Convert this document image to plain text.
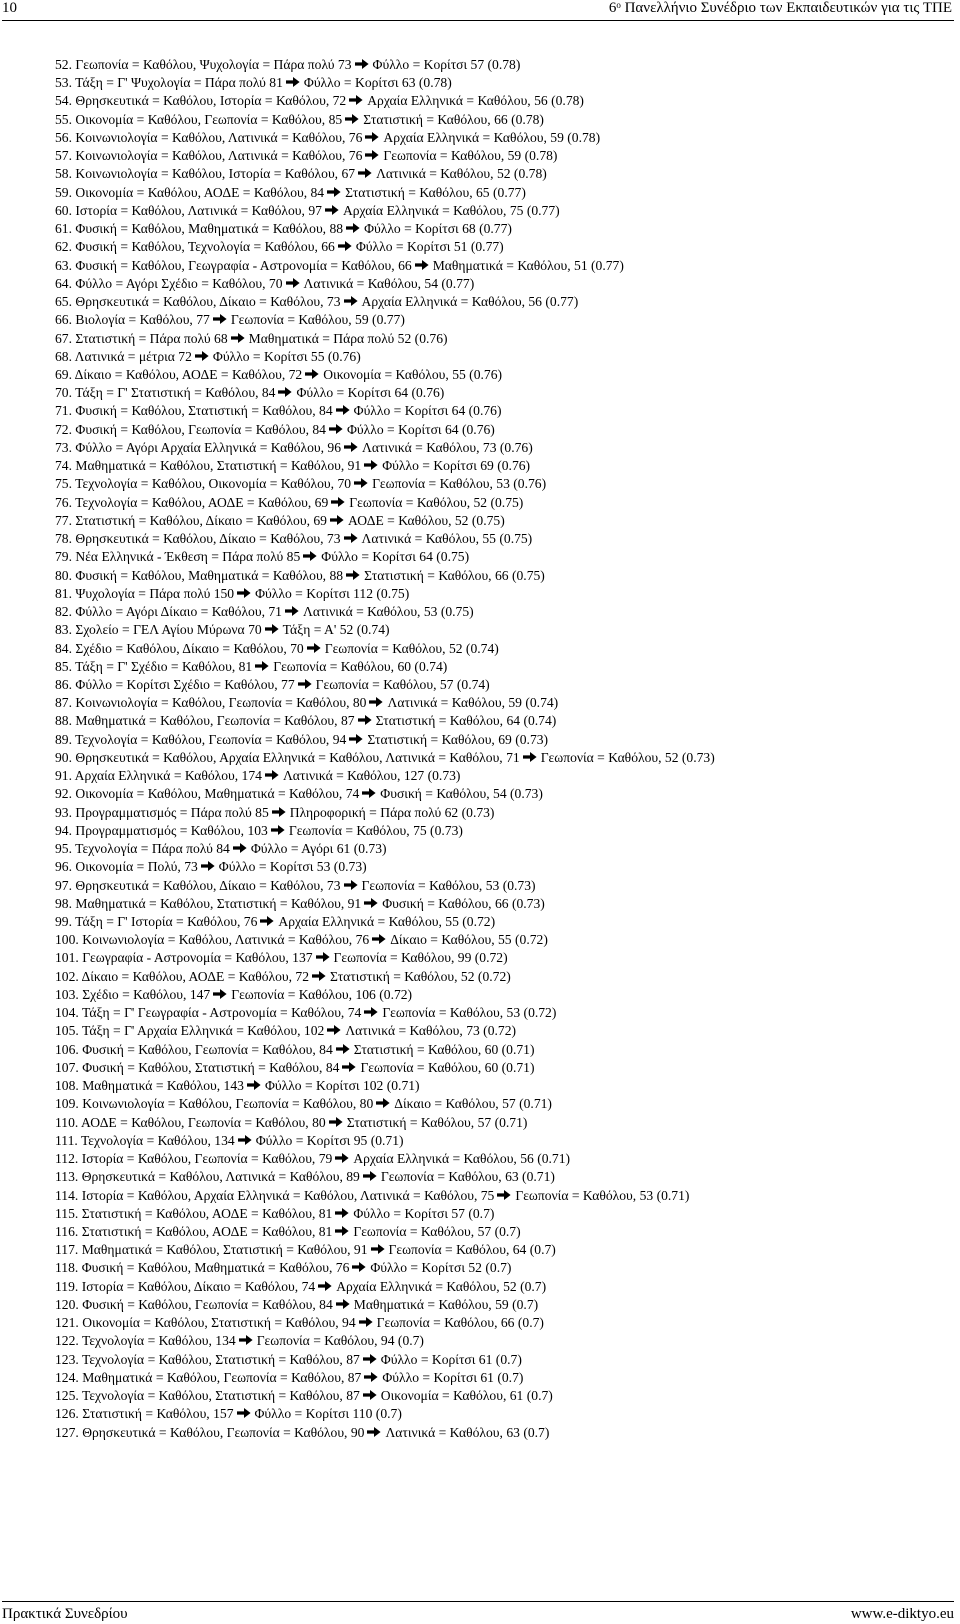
10	$6^o$ Πανελλήνιο Συνέδριο των Εκπαιδευτικών για τις ΤΠΕ
52. Γεωπονία = Καθόλου, Ψυχολογία = Πάρα πολύ 73 Φύλλο = Κορίτσι 57 (0.78)
53. Τάξη = Γ' Ψυχολογία = Πάρα πολύ 81 Φύλλο = Κορίτσι 63 (0.78)
54. Θρησκευτικά = Καθόλου, Ιστορία = Καθόλου, 72 Αρχαία Ελληνικά = Καθόλου, 56 (0.78)
55. Οικονομία = Καθόλου, Γεωπονία = Καθόλου, 85 Στατιστική = Καθόλου, 66 (0.78)
56. Κοινωνιολογία = Καθόλου, Λατινικά = Καθόλου, 76 Αρχαία Ελληνικά = Καθόλου, 59 (0.78)
57. Κοινωνιολογία = Καθόλου, Λατινικά = Καθόλου, 76 Γεωπονία = Καθόλου, 59 (0.78)
58. Κοινωνιολογία = Καθόλου, Ιστορία = Καθόλου, 67 Λατινικά = Καθόλου, 52 (0.78)
59. Οικονομία = Καθόλου, ΑΟΔΕ = Καθόλου, 84 Στατιστική = Καθόλου, 65 (0.77)
60. Ιστορία = Καθόλου, Λατινικά = Καθόλου, 97 Αρχαία Ελληνικά = Καθόλου, 75 (0.77)
61. Φυσική = Καθόλου, Μαθηματικά = Καθόλου, 88 Φύλλο = Κορίτσι 68 (0.77)
62. Φυσική = Καθόλου, Τεχνολογία = Καθόλου, 66 Φύλλο = Κορίτσι 51 (0.77)
63. Φυσική = Καθόλου, Γεωγραφία - Αστρονομία = Καθόλου, 66 Μαθηματικά = Καθόλου, 51 (0.77)
64. Φύλλο = Αγόρι Σχέδιο = Καθόλου, 70 Λατινικά = Καθόλου, 54 (0.77)
65. Θρησκευτικά = Καθόλου, Δίκαιο = Καθόλου, 73 Αρχαία Ελληνικά = Καθόλου, 56 (0.77)
66. Βιολογία = Καθόλου, 77 Γεωπονία = Καθόλου, 59 (0.77)
67. Στατιστική = Πάρα πολύ 68 Μαθηματικά = Πάρα πολύ 52 (0.76)
68. Λατινικά = μέτρια 72 Φύλλο = Κορίτσι 55 (0.76)
69. Δίκαιο = Καθόλου, ΑΟΔΕ = Καθόλου, 72 Οικονομία = Καθόλου, 55 (0.76)
70. Τάξη = Γ' Στατιστική = Καθόλου, 84 Φύλλο = Κορίτσι 64 (0.76)
71. Φυσική = Καθόλου, Στατιστική = Καθόλου, 84 Φύλλο = Κορίτσι 64 (0.76)
72. Φυσική = Καθόλου, Γεωπονία = Καθόλου, 84 Φύλλο = Κορίτσι 64 (0.76)
73. Φύλλο = Αγόρι Αρχαία Ελληνικά = Καθόλου, 96 Λατινικά = Καθόλου, 73 (0.76)
74. Μαθηματικά = Καθόλου, Στατιστική = Καθόλου, 91 Φύλλο = Κορίτσι 69 (0.76)
75. Τεχνολογία = Καθόλου, Οικονομία = Καθόλου, 70 Γεωπονία = Καθόλου, 53 (0.76)
76. Τεχνολογία = Καθόλου, ΑΟΔΕ = Καθόλου, 69 Γεωπονία = Καθόλου, 52 (0.75)
77. Στατιστική = Καθόλου, Δίκαιο = Καθόλου, 69 ΑΟΔΕ = Καθόλου, 52 (0.75)
78. Θρησκευτικά = Καθόλου, Δίκαιο = Καθόλου, 73 Λατινικά = Καθόλου, 55 (0.75)
79. Νέα Ελληνικά - Έκθεση = Πάρα πολύ 85 Φύλλο = Κορίτσι 64 (0.75)
80. Φυσική = Καθόλου, Μαθηματικά = Καθόλου, 88 Στατιστική = Καθόλου, 66 (0.75)
81. Ψυχολογία = Πάρα πολύ 150 Φύλλο = Κορίτσι 112 (0.75)
82. Φύλλο = Αγόρι Δίκαιο = Καθόλου, 71 Λατινικά = Καθόλου, 53 (0.75)
83. Σχολείο = ΓΕΛ Αγίου Μύρωνα 70 Τάξη = Α' 52 (0.74)
84. Σχέδιο = Καθόλου, Δίκαιο = Καθόλου, 70 Γεωπονία = Καθόλου, 52 (0.74)
85. Τάξη = Γ' Σχέδιο = Καθόλου, 81 Γεωπονία = Καθόλου, 60 (0.74)
86. Φύλλο = Κορίτσι Σχέδιο = Καθόλου, 77 Γεωπονία = Καθόλου, 57 (0.74)
87. Κοινωνιολογία = Καθόλου, Γεωπονία = Καθόλου, 80 Λατινικά = Καθόλου, 59 (0.74)
88. Μαθηματικά = Καθόλου, Γεωπονία = Καθόλου, 87 Στατιστική = Καθόλου, 64 (0.74)
89. Τεχνολογία = Καθόλου, Γεωπονία = Καθόλου, 94 Στατιστική = Καθόλου, 69 (0.73)
90. Θρησκευτικά = Καθόλου, Αρχαία Ελληνικά = Καθόλου, Λατινικά = Καθόλου, 71 Γεωπονία = Καθόλου, 52 (0.73)
91. Αρχαία Ελληνικά = Καθόλου, 174 Λατινικά = Καθόλου, 127 (0.73)
92. Οικονομία = Καθόλου, Μαθηματικά = Καθόλου, 74 Φυσική = Καθόλου, 54 (0.73)
93. Προγραμματισμός = Πάρα πολύ 85 Πληροφορική = Πάρα πολύ 62 (0.73)
94. Προγραμματισμός = Καθόλου, 103 Γεωπονία = Καθόλου, 75 (0.73)
95. Τεχνολογία = Πάρα πολύ 84 Φύλλο = Αγόρι 61 (0.73)
96. Οικονομία = Πολύ, 73 Φύλλο = Κορίτσι 53 (0.73)
97. Θρησκευτικά = Καθόλου, Δίκαιο = Καθόλου, 73 Γεωπονία = Καθόλου, 53 (0.73)
98. Μαθηματικά = Καθόλου, Στατιστική = Καθόλου, 91 Φυσική = Καθόλου, 66 (0.73)
99. Τάξη = Γ' Ιστορία = Καθόλου, 76 Αρχαία Ελληνικά = Καθόλου, 55 (0.72)
100. Κοινωνιολογία = Καθόλου, Λατινικά = Καθόλου, 76 Δίκαιο = Καθόλου, 55 (0.72)
101. Γεωγραφία - Αστρονομία = Καθόλου, 137 Γεωπονία = Καθόλου, 99 (0.72)
102. Δίκαιο = Καθόλου, ΑΟΔΕ = Καθόλου, 72 Στατιστική = Καθόλου, 52 (0.72)
103. Σχέδιο = Καθόλου, 147 Γεωπονία = Καθόλου, 106 (0.72)
104. Τάξη = Γ' Γεωγραφία - Αστρονομία = Καθόλου, 74 Γεωπονία = Καθόλου, 53 (0.72)
105. Τάξη = Γ' Αρχαία Ελληνικά = Καθόλου, 102 Λατινικά = Καθόλου, 73 (0.72)
106. Φυσική = Καθόλου, Γεωπονία = Καθόλου, 84 Στατιστική = Καθόλου, 60 (0.71)
107. Φυσική = Καθόλου, Στατιστική = Καθόλου, 84 Γεωπονία = Καθόλου, 60 (0.71)
108. Μαθηματικά = Καθόλου, 143 Φύλλο = Κορίτσι 102 (0.71)
109. Κοινωνιολογία = Καθόλου, Γεωπονία = Καθόλου, 80 Δίκαιο = Καθόλου, 57 (0.71)
110. ΑΟΔΕ = Καθόλου, Γεωπονία = Καθόλου, 80 Στατιστική = Καθόλου, 57 (0.71)
111. Τεχνολογία = Καθόλου, 134 Φύλλο = Κορίτσι 95 (0.71)
112. Ιστορία = Καθόλου, Γεωπονία = Καθόλου, 79 Αρχαία Ελληνικά = Καθόλου, 56 (0.71)
113. Θρησκευτικά = Καθόλου, Λατινικά = Καθόλου, 89 Γεωπονία = Καθόλου, 63 (0.71)
114. Ιστορία = Καθόλου, Αρχαία Ελληνικά = Καθόλου, Λατινικά = Καθόλου, 75 Γεωπονία = Καθόλου, 53 (0.71)
115. Στατιστική = Καθόλου, ΑΟΔΕ = Καθόλου, 81 Φύλλο = Κορίτσι 57 (0.7)
116. Στατιστική = Καθόλου, ΑΟΔΕ = Καθόλου, 81 Γεωπονία = Καθόλου, 57 (0.7)
117. Μαθηματικά = Καθόλου, Στατιστική = Καθόλου, 91 Γεωπονία = Καθόλου, 64 (0.7)
118. Φυσική = Καθόλου, Μαθηματικά = Καθόλου, 76 Φύλλο = Κορίτσι 52 (0.7)
119. Ιστορία = Καθόλου, Δίκαιο = Καθόλου, 74 Αρχαία Ελληνικά = Καθόλου, 52 (0.7)
120. Φυσική = Καθόλου, Γεωπονία = Καθόλου, 84 Μαθηματικά = Καθόλου, 59 (0.7)
121. Οικονομία = Καθόλου, Στατιστική = Καθόλου, 94 Γεωπονία = Καθόλου, 66 (0.7)
122. Τεχνολογία = Καθόλου, 134 Γεωπονία = Καθόλου, 94 (0.7)
123. Τεχνολογία = Καθόλου, Στατιστική = Καθόλου, 87 Φύλλο = Κορίτσι 61 (0.7)
124. Μαθηματικά = Καθόλου, Γεωπονία = Καθόλου, 87 Φύλλο = Κορίτσι 61 (0.7)
125. Τεχνολογία = Καθόλου, Στατιστική = Καθόλου, 87 Οικονομία = Καθόλου, 61 (0.7)
126. Στατιστική = Καθόλου, 157 Φύλλο = Κορίτσι 110 (0.7)
127. Θρησκευτικά = Καθόλου, Γεωπονία = Καθόλου, 90 Λατινικά = Καθόλου, 63 (0.7)
Πρακτικά Συνεδρίου	www.e-diktyo.eu
